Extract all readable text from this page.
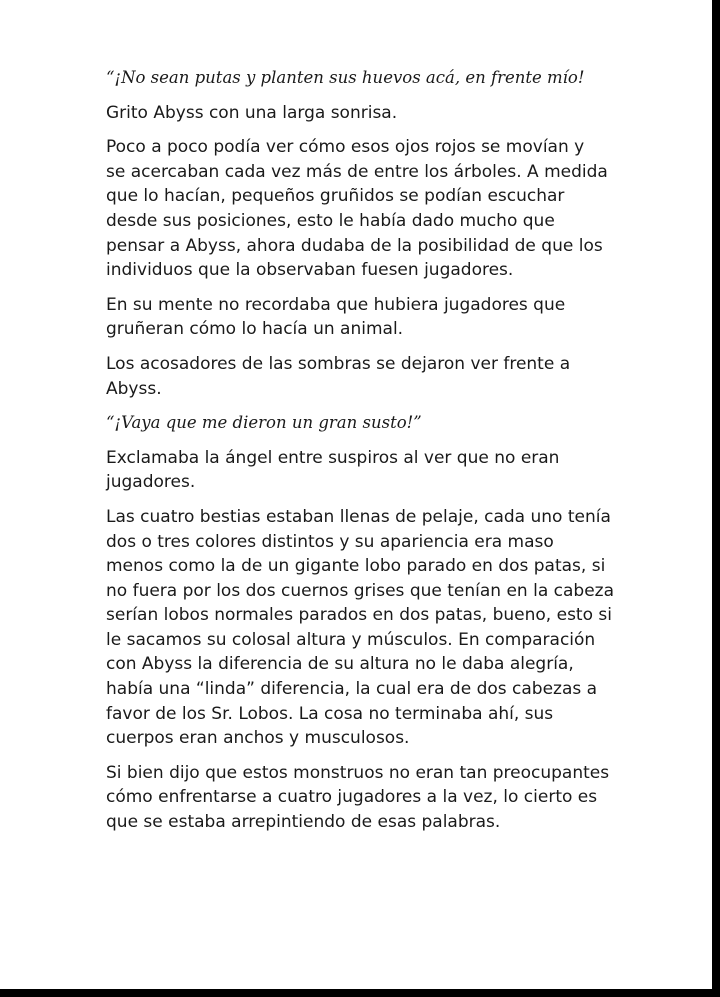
“¡No sean putas y planten sus huevos acá, en frente mío!

Grito Abyss con una larga sonrisa.

Poco a poco podía ver cómo esos ojos rojos se movían y
se acercaban cada vez más de entre los árboles. A medida
que lo hacían, pequeños gruñidos se podían escuchar
desde sus posiciones, esto le había dado mucho que
pensar a Abyss, ahora dudaba de la posibilidad de que los
individuos que la observaban fuesen jugadores.

En su mente no recordaba que hubiera jugadores que
gruñeran cómo lo hacía un animal.

Los acosadores de las sombras se dejaron ver frente a
Abyss.

“¡Vaya que me dieron un gran susto!”

Exclamaba la ángel entre suspiros al ver que no eran
jugadores.

Las cuatro bestias estaban llenas de pelaje, cada uno tenía
dos o tres colores distintos y su apariencia era maso
menos como la de un gigante lobo parado en dos patas, si
no fuera por los dos cuernos grises que tenían en la cabeza
serían lobos normales parados en dos patas, bueno, esto si
le sacamos su colosal altura y músculos. En comparación
con Abyss la diferencia de su altura no le daba alegría,
había una “linda” diferencia, la cual era de dos cabezas a
favor de los Sr. Lobos. La cosa no terminaba ahí, sus
cuerpos eran anchos y musculosos.

Si bien dijo que estos monstruos no eran tan preocupantes
cómo enfrentarse a cuatro jugadores a la vez, lo cierto es
que se estaba arrepintiendo de esas palabras.
